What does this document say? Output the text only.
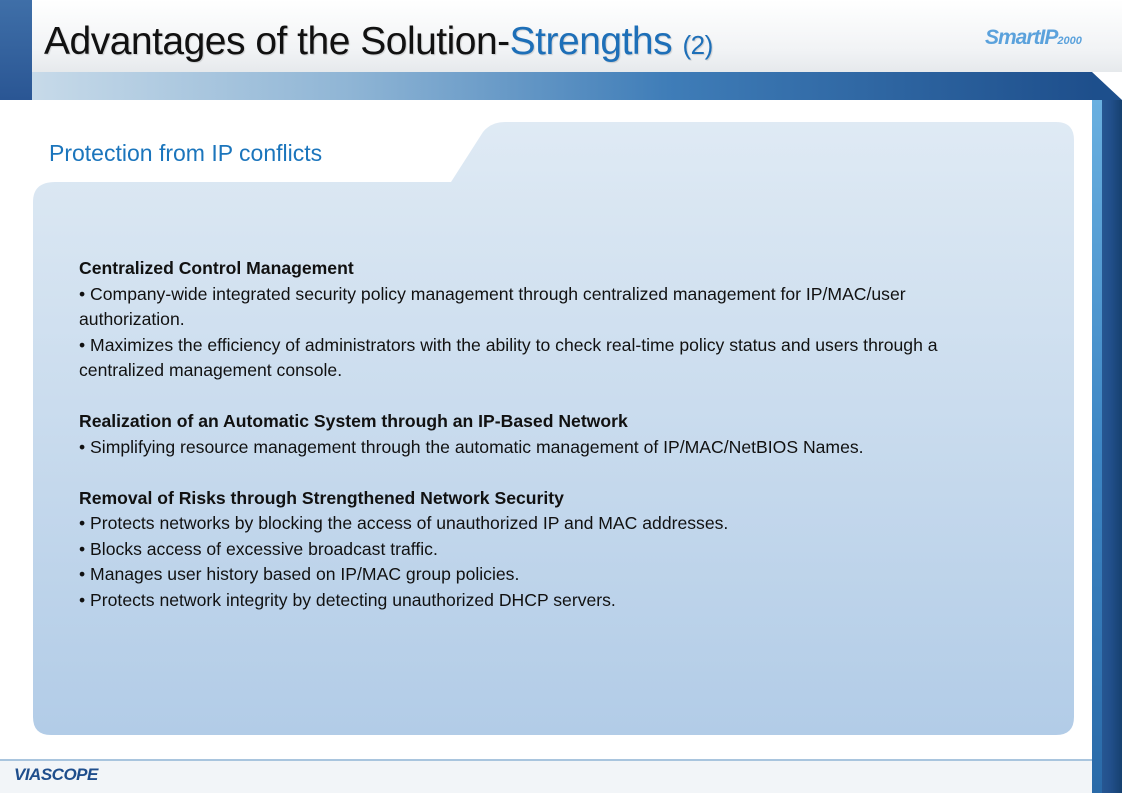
Advantages of the Solution-Strengths (2)	SmartIP2000
Protection from IP conflicts
Centralized Control Management

• Company-wide integrated security policy management through centralized management for IP/MAC/user authorization.

• Maximizes the efficiency of administrators with the ability to check real-time policy status and users through a centralized management console.

Realization of an Automatic System through an IP-Based Network

• Simplifying resource management through the automatic management of IP/MAC/NetBIOS Names.

Removal of Risks through Strengthened Network Security

• Protects networks by blocking the access of unauthorized IP and MAC addresses.

• Blocks access of excessive broadcast traffic.

• Manages user history based on IP/MAC group policies.

• Protects network integrity by detecting unauthorized DHCP servers.

VIASCOPE
